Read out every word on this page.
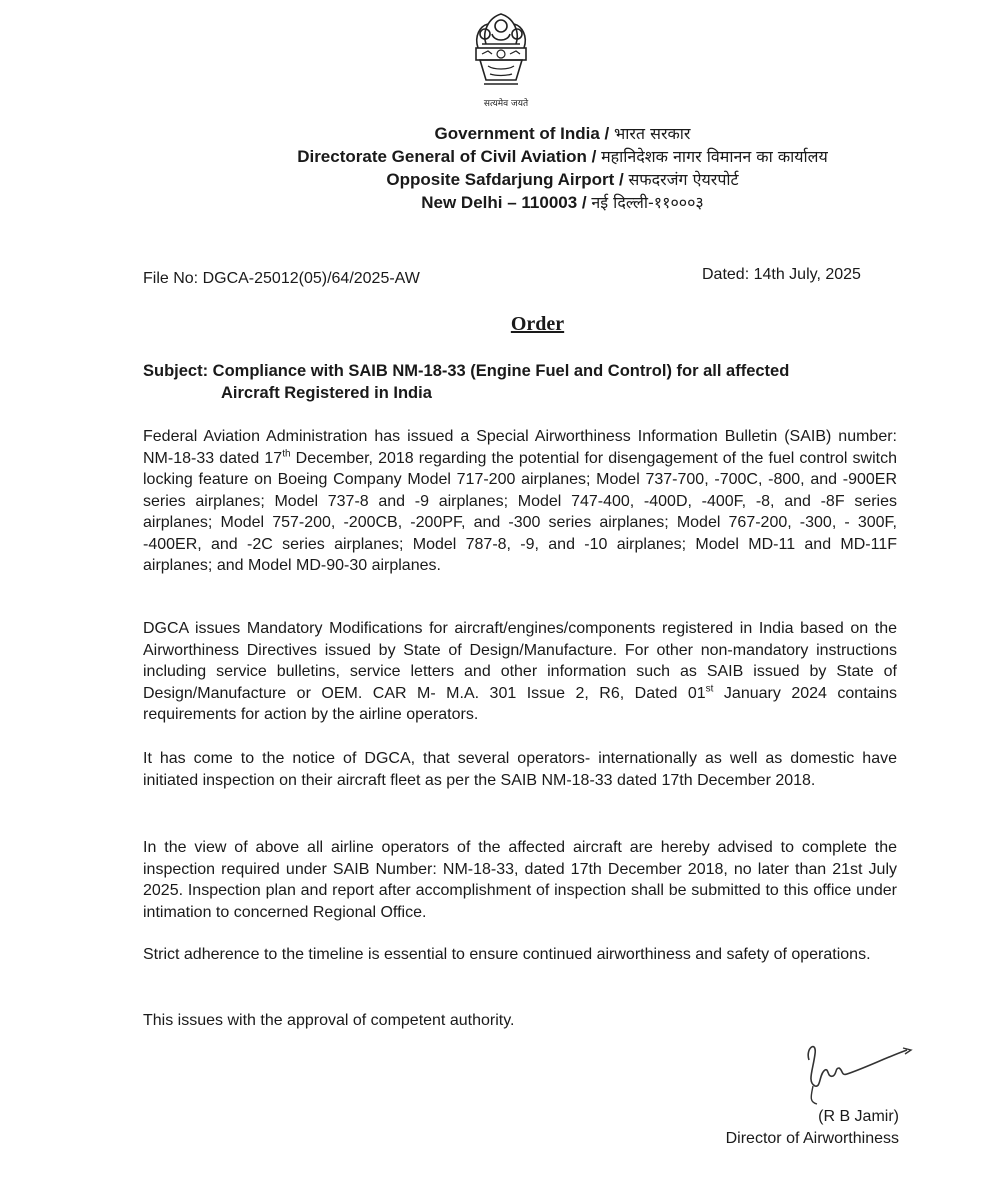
सत्यमेव जयते
Government of India / भारत सरकार
Directorate General of Civil Aviation / महानिदेशक नागर विमानन का कार्यालय
Opposite Safdarjung Airport / सफदरजंग ऐयरपोर्ट
New Delhi – 110003 / नई दिल्ली-११०००३
File No: DGCA-25012(05)/64/2025-AW	Dated: 14th July, 2025
Order
Subject: Compliance with SAIB NM-18-33 (Engine Fuel and Control) for all affected
Aircraft Registered in India

Federal Aviation Administration has issued a Special Airworthiness Information Bulletin (SAIB) number: NM-18-33 dated 17th December, 2018 regarding the potential for disengagement of the fuel control switch locking feature on Boeing Company Model 717-200 airplanes; Model 737-700, -700C, -800, and -900ER series airplanes; Model 737-8 and -9 airplanes; Model 747-400, -400D, -400F, -8, and -8F series airplanes; Model 757-200, -200CB, -200PF, and -300 series airplanes; Model 767-200, -300, - 300F, -400ER, and -2C series airplanes; Model 787-8, -9, and -10 airplanes; Model MD-11 and MD-11F airplanes; and Model MD-90-30 airplanes.

DGCA issues Mandatory Modifications for aircraft/engines/components registered in India based on the Airworthiness Directives issued by State of Design/Manufacture. For other non-mandatory instructions including service bulletins, service letters and other information such as SAIB issued by State of Design/Manufacture or OEM. CAR M- M.A. 301 Issue 2, R6, Dated 01st January 2024 contains requirements for action by the airline operators.

It has come to the notice of DGCA, that several operators- internationally as well as domestic have initiated inspection on their aircraft fleet as per the SAIB NM-18-33 dated 17th December 2018.

In the view of above all airline operators of the affected aircraft are hereby advised to complete the inspection required under SAIB Number: NM-18-33, dated 17th December 2018, no later than 21st July 2025. Inspection plan and report after accomplishment of inspection shall be submitted to this office under intimation to concerned Regional Office.

Strict adherence to the timeline is essential to ensure continued airworthiness and safety of operations.

This issues with the approval of competent authority.

(R B Jamir)
Director of Airworthiness
